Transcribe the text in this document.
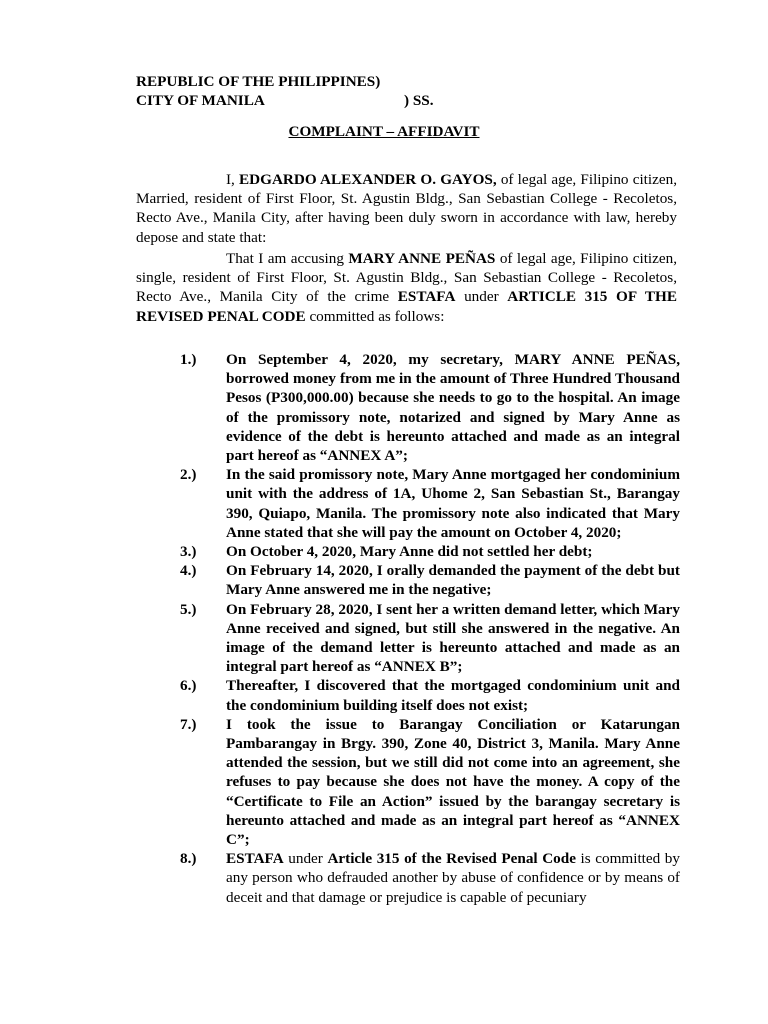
REPUBLIC OF THE PHILIPPINES)
CITY OF MANILA	) SS.
COMPLAINT – AFFIDAVIT

I, EDGARDO ALEXANDER O. GAYOS, of legal age, Filipino citizen, Married, resident of First Floor, St. Agustin Bldg., San Sebastian College - Recoletos, Recto Ave., Manila City, after having been duly sworn in accordance with law, hereby depose and state that:

That I am accusing MARY ANNE PEÑAS of legal age, Filipino citizen, single, resident of First Floor, St. Agustin Bldg., San Sebastian College - Recoletos, Recto Ave., Manila City of the crime ESTAFA under ARTICLE 315 OF THE REVISED PENAL CODE committed as follows:

1.) On September 4, 2020, my secretary, MARY ANNE PEÑAS, borrowed money from me in the amount of Three Hundred Thousand Pesos (P300,000.00) because she needs to go to the hospital. An image of the promissory note, notarized and signed by Mary Anne as evidence of the debt is hereunto attached and made as an integral part hereof as “ANNEX A”;
2.) In the said promissory note, Mary Anne mortgaged her condominium unit with the address of 1A, Uhome 2, San Sebastian St., Barangay 390, Quiapo, Manila. The promissory note also indicated that Mary Anne stated that she will pay the amount on October 4, 2020;
3.) On October 4, 2020, Mary Anne did not settled her debt;
4.) On February 14, 2020, I orally demanded the payment of the debt but Mary Anne answered me in the negative;
5.) On February 28, 2020, I sent her a written demand letter, which Mary Anne received and signed, but still she answered in the negative. An image of the demand letter is hereunto attached and made as an integral part hereof as “ANNEX B”;
6.) Thereafter, I discovered that the mortgaged condominium unit and the condominium building itself does not exist;
7.) I took the issue to Barangay Conciliation or Katarungan Pambarangay in Brgy. 390, Zone 40, District 3, Manila. Mary Anne attended the session, but we still did not come into an agreement, she refuses to pay because she does not have the money. A copy of the “Certificate to File an Action” issued by the barangay secretary is hereunto attached and made as an integral part hereof as “ANNEX C”;
8.) ESTAFA under Article 315 of the Revised Penal Code is committed by any person who defrauded another by abuse of confidence or by means of deceit and that damage or prejudice is capable of pecuniary
